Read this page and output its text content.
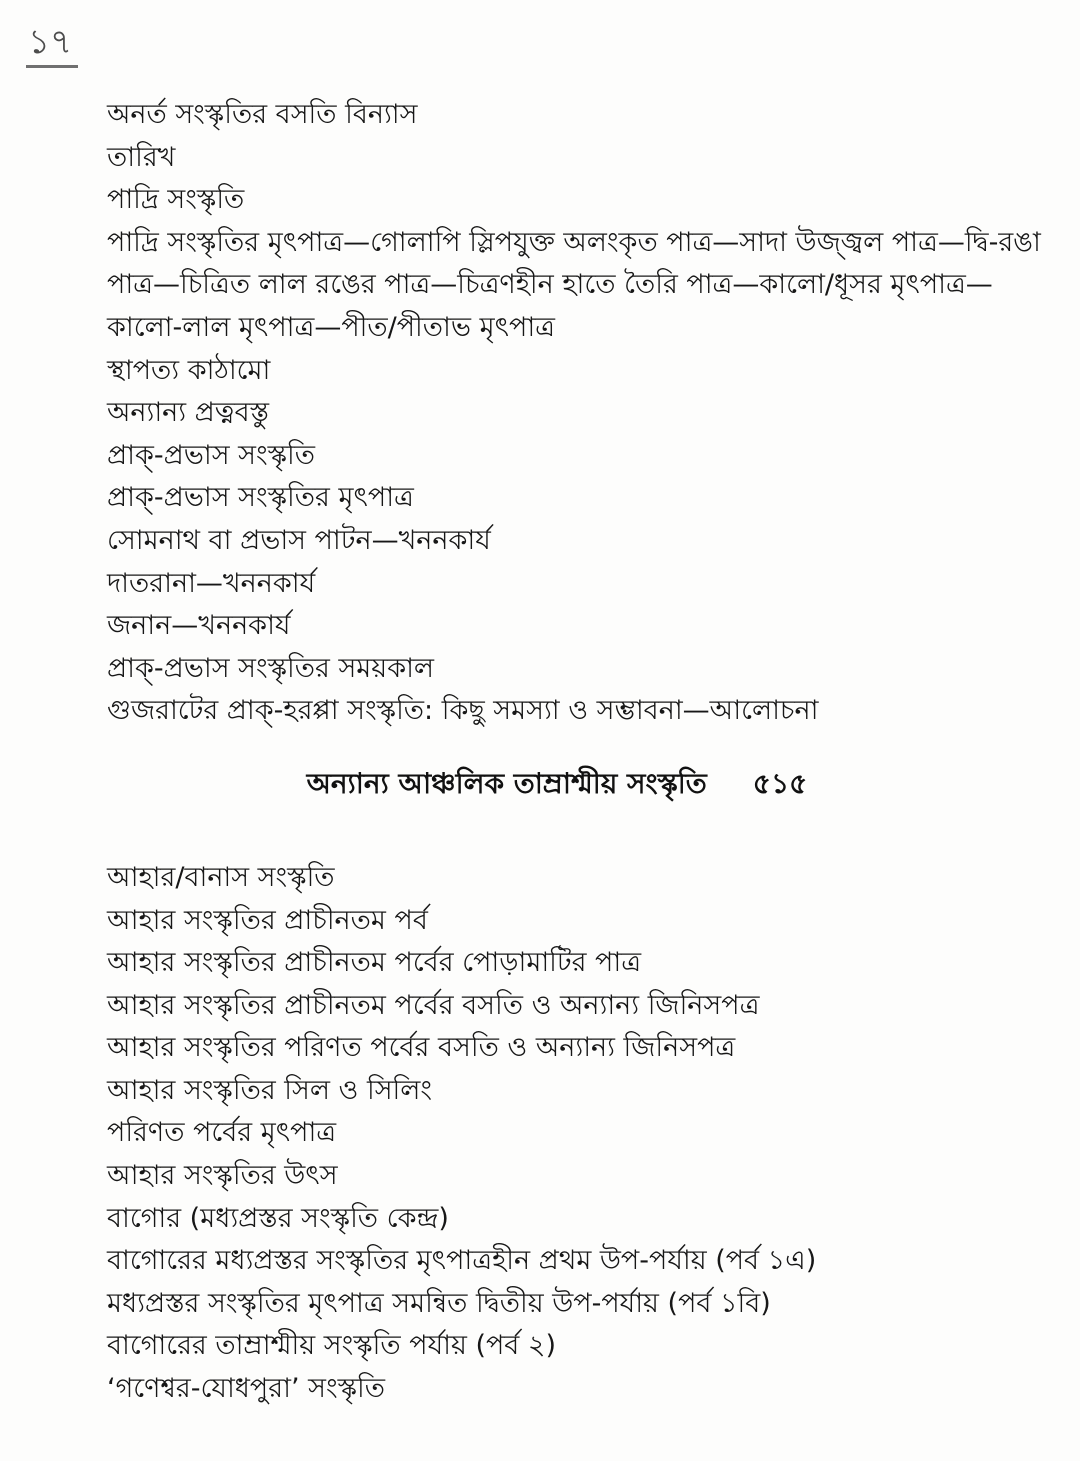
১৭
অনর্ত সংস্কৃতির বসতি বিন্যাস
তারিখ
পাদ্রি সংস্কৃতি
পাদ্রি সংস্কৃতির মৃৎপাত্র—গোলাপি স্লিপযুক্ত অলংকৃত পাত্র—সাদা উজ্জ্বল পাত্র—দ্বি-রঙা
পাত্র—চিত্রিত লাল রঙের পাত্র—চিত্রণহীন হাতে তৈরি পাত্র—কালো/ধূসর মৃৎপাত্র—
কালো-লাল মৃৎপাত্র—পীত/পীতাভ মৃৎপাত্র
স্থাপত্য কাঠামো
অন্যান্য প্রত্নবস্তু
প্রাক্-প্রভাস সংস্কৃতি
প্রাক্-প্রভাস সংস্কৃতির মৃৎপাত্র
সোমনাথ বা প্রভাস পাটন—খননকার্য
দাতরানা—খননকার্য
জনান—খননকার্য
প্রাক্-প্রভাস সংস্কৃতির সময়কাল
গুজরাটের প্রাক্-হরপ্পা সংস্কৃতি: কিছু সমস্যা ও সম্ভাবনা—আলোচনা
অন্যান্য আঞ্চলিক তাম্রাশ্মীয় সংস্কৃতি ৫১৫
আহার/বানাস সংস্কৃতি
আহার সংস্কৃতির প্রাচীনতম পর্ব
আহার সংস্কৃতির প্রাচীনতম পর্বের পোড়ামাটির পাত্র
আহার সংস্কৃতির প্রাচীনতম পর্বের বসতি ও অন্যান্য জিনিসপত্র
আহার সংস্কৃতির পরিণত পর্বের বসতি ও অন্যান্য জিনিসপত্র
আহার সংস্কৃতির সিল ও সিলিং
পরিণত পর্বের মৃৎপাত্র
আহার সংস্কৃতির উৎস
বাগোর (মধ্যপ্রস্তর সংস্কৃতি কেন্দ্র)
বাগোরের মধ্যপ্রস্তর সংস্কৃতির মৃৎপাত্রহীন প্রথম উপ-পর্যায় (পর্ব ১এ)
মধ্যপ্রস্তর সংস্কৃতির মৃৎপাত্র সমন্বিত দ্বিতীয় উপ-পর্যায় (পর্ব ১বি)
বাগোরের তাম্রাশ্মীয় সংস্কৃতি পর্যায় (পর্ব ২)
‘গণেশ্বর-যোধপুরা’ সংস্কৃতি
